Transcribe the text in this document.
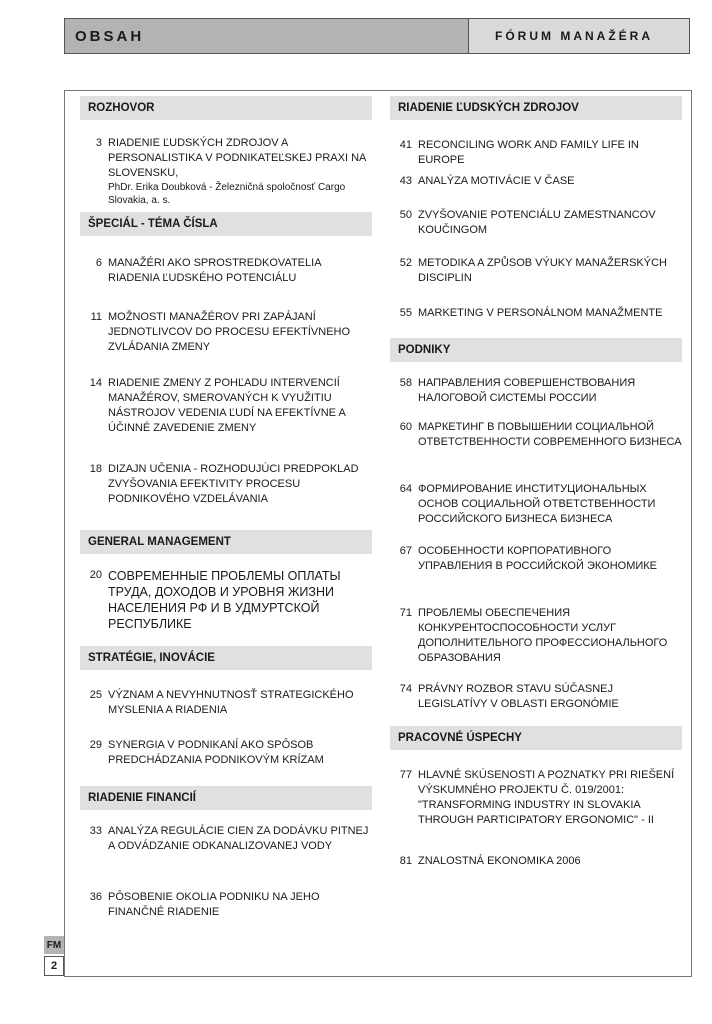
OBSAH	FÓRUM MANAŽÉRA
ROZHOVOR
3 RIADENIE ĽUDSKÝCH ZDROJOV A PERSONALISTIKA V PODNIKATEĽSKEJ PRAXI NA SLOVENSKU,
PhDr. Erika Doubková - Železničná spoločnosť Cargo Slovakia, a. s.
ŠPECIÁL - TÉMA ČÍSLA
6 MANAŽÉRI AKO SPROSTREDKOVATELIA RIADENIA ĽUDSKÉHO POTENCIÁLU
11 MOŽNOSTI MANAŽÉROV PRI ZAPÁJANÍ JEDNOTLIVCOV DO PROCESU EFEKTÍVNEHO ZVLÁDANIA ZMENY
14 RIADENIE ZMENY Z POHĽADU INTERVENCIÍ MANAŽÉROV, SMEROVANÝCH K VYUŽITIU NÁSTROJOV VEDENIA ĽUDÍ NA EFEKTÍVNE A ÚČINNÉ ZAVEDENIE ZMENY
18 DIZAJN UČENIA - ROZHODUJÚCI PREDPOKLAD ZVYŠOVANIA EFEKTIVITY PROCESU PODNIKOVÉHO VZDELÁVANIA
GENERAL MANAGEMENT
20 СОВРЕМЕННЫЕ ПРОБЛЕМЫ ОПЛАТЫ ТРУДА, ДОХОДОВ И УРОВНЯ ЖИЗНИ НАСЕЛЕНИЯ РФ И В УДМУРТСКОЙ РЕСПУБЛИКЕ
STRATÉGIE, INOVÁCIE
25 VÝZNAM A NEVYHNUTNOSŤ STRATEGICKÉHO MYSLENIA A RIADENIA
29 SYNERGIA V PODNIKANÍ AKO SPÔSOB PREDCHÁDZANIA PODNIKOVÝM KRÍZAM
RIADENIE FINANCIÍ
33 ANALÝZA REGULÁCIE CIEN ZA DODÁVKU PITNEJ A ODVÁDZANIE ODKANALIZOVANEJ VODY
36 PÔSOBENIE OKOLIA PODNIKU NA JEHO FINANČNÉ RIADENIE
RIADENIE ĽUDSKÝCH ZDROJOV
41 RECONCILING WORK AND FAMILY LIFE IN EUROPE
43 ANALÝZA MOTIVÁCIE V ČASE
50 ZVYŠOVANIE POTENCIÁLU ZAMESTNANCOV KOUČINGOM
52 METODIKA A ZPŮSOB VÝUKY MANAŽERSKÝCH DISCIPLIN
55 MARKETING V PERSONÁLNOM MANAŽMENTE
PODNIKY
58 НАПРАВЛЕНИЯ СОВЕРШЕНСТВОВАНИЯ НАЛОГОВОЙ СИСТЕМЫ РОССИИ
60 МАРКЕТИНГ В ПОВЫШЕНИИ СОЦИАЛЬНОЙ ОТВЕТСТВЕННОСТИ СОВРЕМЕННОГО БИЗНЕСА
64 ФОРМИРОВАНИЕ ИНСТИТУЦИОНАЛЬНЫХ ОСНОВ СОЦИАЛЬНОЙ ОТВЕТСТВЕННОСТИ РОССИЙСКОГО БИЗНЕСА БИЗНЕСА
67 ОСОБЕННОСТИ КОРПОРАТИВНОГО УПРАВЛЕНИЯ В РОССИЙСКОЙ ЭКОНОМИКЕ
71 ПРОБЛЕМЫ ОБЕСПЕЧЕНИЯ КОНКУРЕНТОСПОСОБНОСТИ УСЛУГ ДОПОЛНИТЕЛЬНОГО ПРОФЕССИОНАЛЬНОГО ОБРАЗОВАНИЯ
74 PRÁVNY ROZBOR STAVU SÚČASNEJ LEGISLATÍVY V OBLASTI ERGONÓMIE
PRACOVNÉ ÚSPECHY
77 HLAVNÉ SKÚSENOSTI A POZNATKY PRI RIEŠENÍ VÝSKUMNÉHO PROJEKTU Č. 019/2001: "TRANSFORMING INDUSTRY IN SLOVAKIA THROUGH PARTICIPATORY ERGONOMIC" - II
81 ZNALOSTNÁ EKONOMIKA 2006
FM
2
